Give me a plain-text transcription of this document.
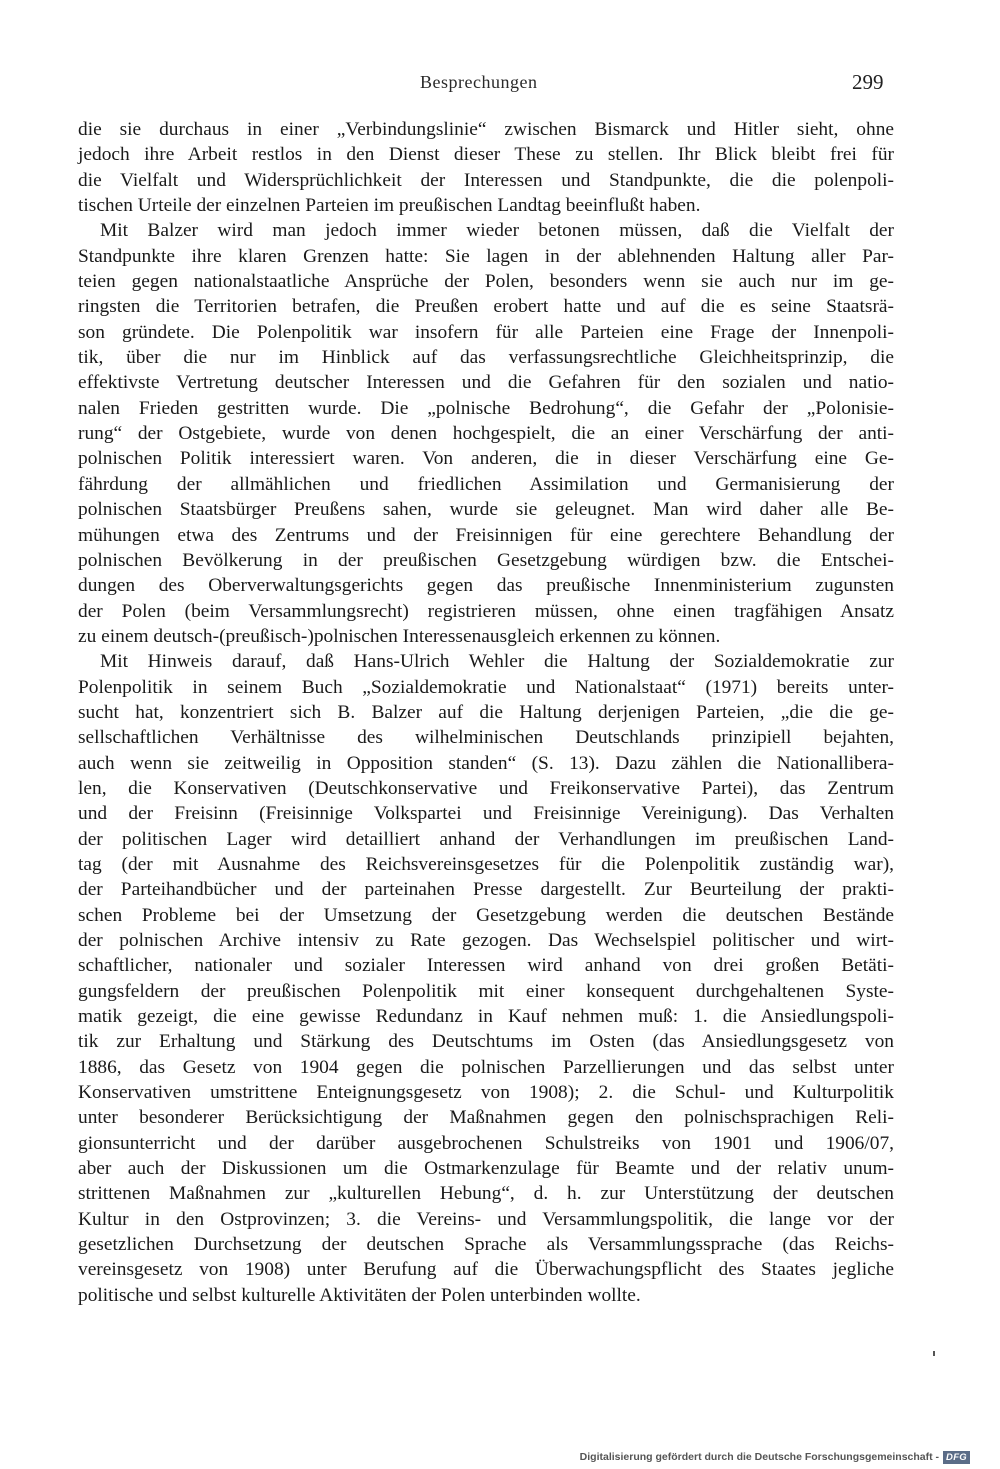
Besprechungen	299

die sie durchaus in einer „Verbindungslinie“ zwischen Bismarck und Hitler sieht, ohne
jedoch ihre Arbeit restlos in den Dienst dieser These zu stellen. Ihr Blick bleibt frei für
die Vielfalt und Widersprüchlichkeit der Interessen und Standpunkte, die die polenpoli-
tischen Urteile der einzelnen Parteien im preußischen Landtag beeinflußt haben.

Mit Balzer wird man jedoch immer wieder betonen müssen, daß die Vielfalt der
Standpunkte ihre klaren Grenzen hatte: Sie lagen in der ablehnenden Haltung aller Par-
teien gegen nationalstaatliche Ansprüche der Polen, besonders wenn sie auch nur im ge-
ringsten die Territorien betrafen, die Preußen erobert hatte und auf die es seine Staatsrä-
son gründete. Die Polenpolitik war insofern für alle Parteien eine Frage der Innenpoli-
tik, über die nur im Hinblick auf das verfassungsrechtliche Gleichheitsprinzip, die
effektivste Vertretung deutscher Interessen und die Gefahren für den sozialen und natio-
nalen Frieden gestritten wurde. Die „polnische Bedrohung“, die Gefahr der „Polonisie-
rung“ der Ostgebiete, wurde von denen hochgespielt, die an einer Verschärfung der anti-
polnischen Politik interessiert waren. Von anderen, die in dieser Verschärfung eine Ge-
fährdung der allmählichen und friedlichen Assimilation und Germanisierung der
polnischen Staatsbürger Preußens sahen, wurde sie geleugnet. Man wird daher alle Be-
mühungen etwa des Zentrums und der Freisinnigen für eine gerechtere Behandlung der
polnischen Bevölkerung in der preußischen Gesetzgebung würdigen bzw. die Entschei-
dungen des Oberverwaltungsgerichts gegen das preußische Innenministerium zugunsten
der Polen (beim Versammlungsrecht) registrieren müssen, ohne einen tragfähigen Ansatz
zu einem deutsch-(preußisch-)polnischen Interessenausgleich erkennen zu können.

Mit Hinweis darauf, daß Hans-Ulrich Wehler die Haltung der Sozialdemokratie zur
Polenpolitik in seinem Buch „Sozialdemokratie und Nationalstaat“ (1971) bereits unter-
sucht hat, konzentriert sich B. Balzer auf die Haltung derjenigen Parteien, „die die ge-
sellschaftlichen Verhältnisse des wilhelminischen Deutschlands prinzipiell bejahten,
auch wenn sie zeitweilig in Opposition standen“ (S. 13). Dazu zählen die Nationallibera-
len, die Konservativen (Deutschkonservative und Freikonservative Partei), das Zentrum
und der Freisinn (Freisinnige Volkspartei und Freisinnige Vereinigung). Das Verhalten
der politischen Lager wird detailliert anhand der Verhandlungen im preußischen Land-
tag (der mit Ausnahme des Reichsvereinsgesetzes für die Polenpolitik zuständig war),
der Parteihandbücher und der parteinahen Presse dargestellt. Zur Beurteilung der prakti-
schen Probleme bei der Umsetzung der Gesetzgebung werden die deutschen Bestände
der polnischen Archive intensiv zu Rate gezogen. Das Wechselspiel politischer und wirt-
schaftlicher, nationaler und sozialer Interessen wird anhand von drei großen Betäti-
gungsfeldern der preußischen Polenpolitik mit einer konsequent durchgehaltenen Syste-
matik gezeigt, die eine gewisse Redundanz in Kauf nehmen muß: 1. die Ansiedlungspoli-
tik zur Erhaltung und Stärkung des Deutschtums im Osten (das Ansiedlungsgesetz von
1886, das Gesetz von 1904 gegen die polnischen Parzellierungen und das selbst unter
Konservativen umstrittene Enteignungsgesetz von 1908); 2. die Schul- und Kulturpolitik
unter besonderer Berücksichtigung der Maßnahmen gegen den polnischsprachigen Reli-
gionsunterricht und der darüber ausgebrochenen Schulstreiks von 1901 und 1906/07,
aber auch der Diskussionen um die Ostmarkenzulage für Beamte und der relativ unum-
strittenen Maßnahmen zur „kulturellen Hebung“, d. h. zur Unterstützung der deutschen
Kultur in den Ostprovinzen; 3. die Vereins- und Versammlungspolitik, die lange vor der
gesetzlichen Durchsetzung der deutschen Sprache als Versammlungssprache (das Reichs-
vereinsgesetz von 1908) unter Berufung auf die Überwachungspflicht des Staates jegliche
politische und selbst kulturelle Aktivitäten der Polen unterbinden wollte.

Digitalisierung gefördert durch die Deutsche Forschungsgemeinschaft - DFG
